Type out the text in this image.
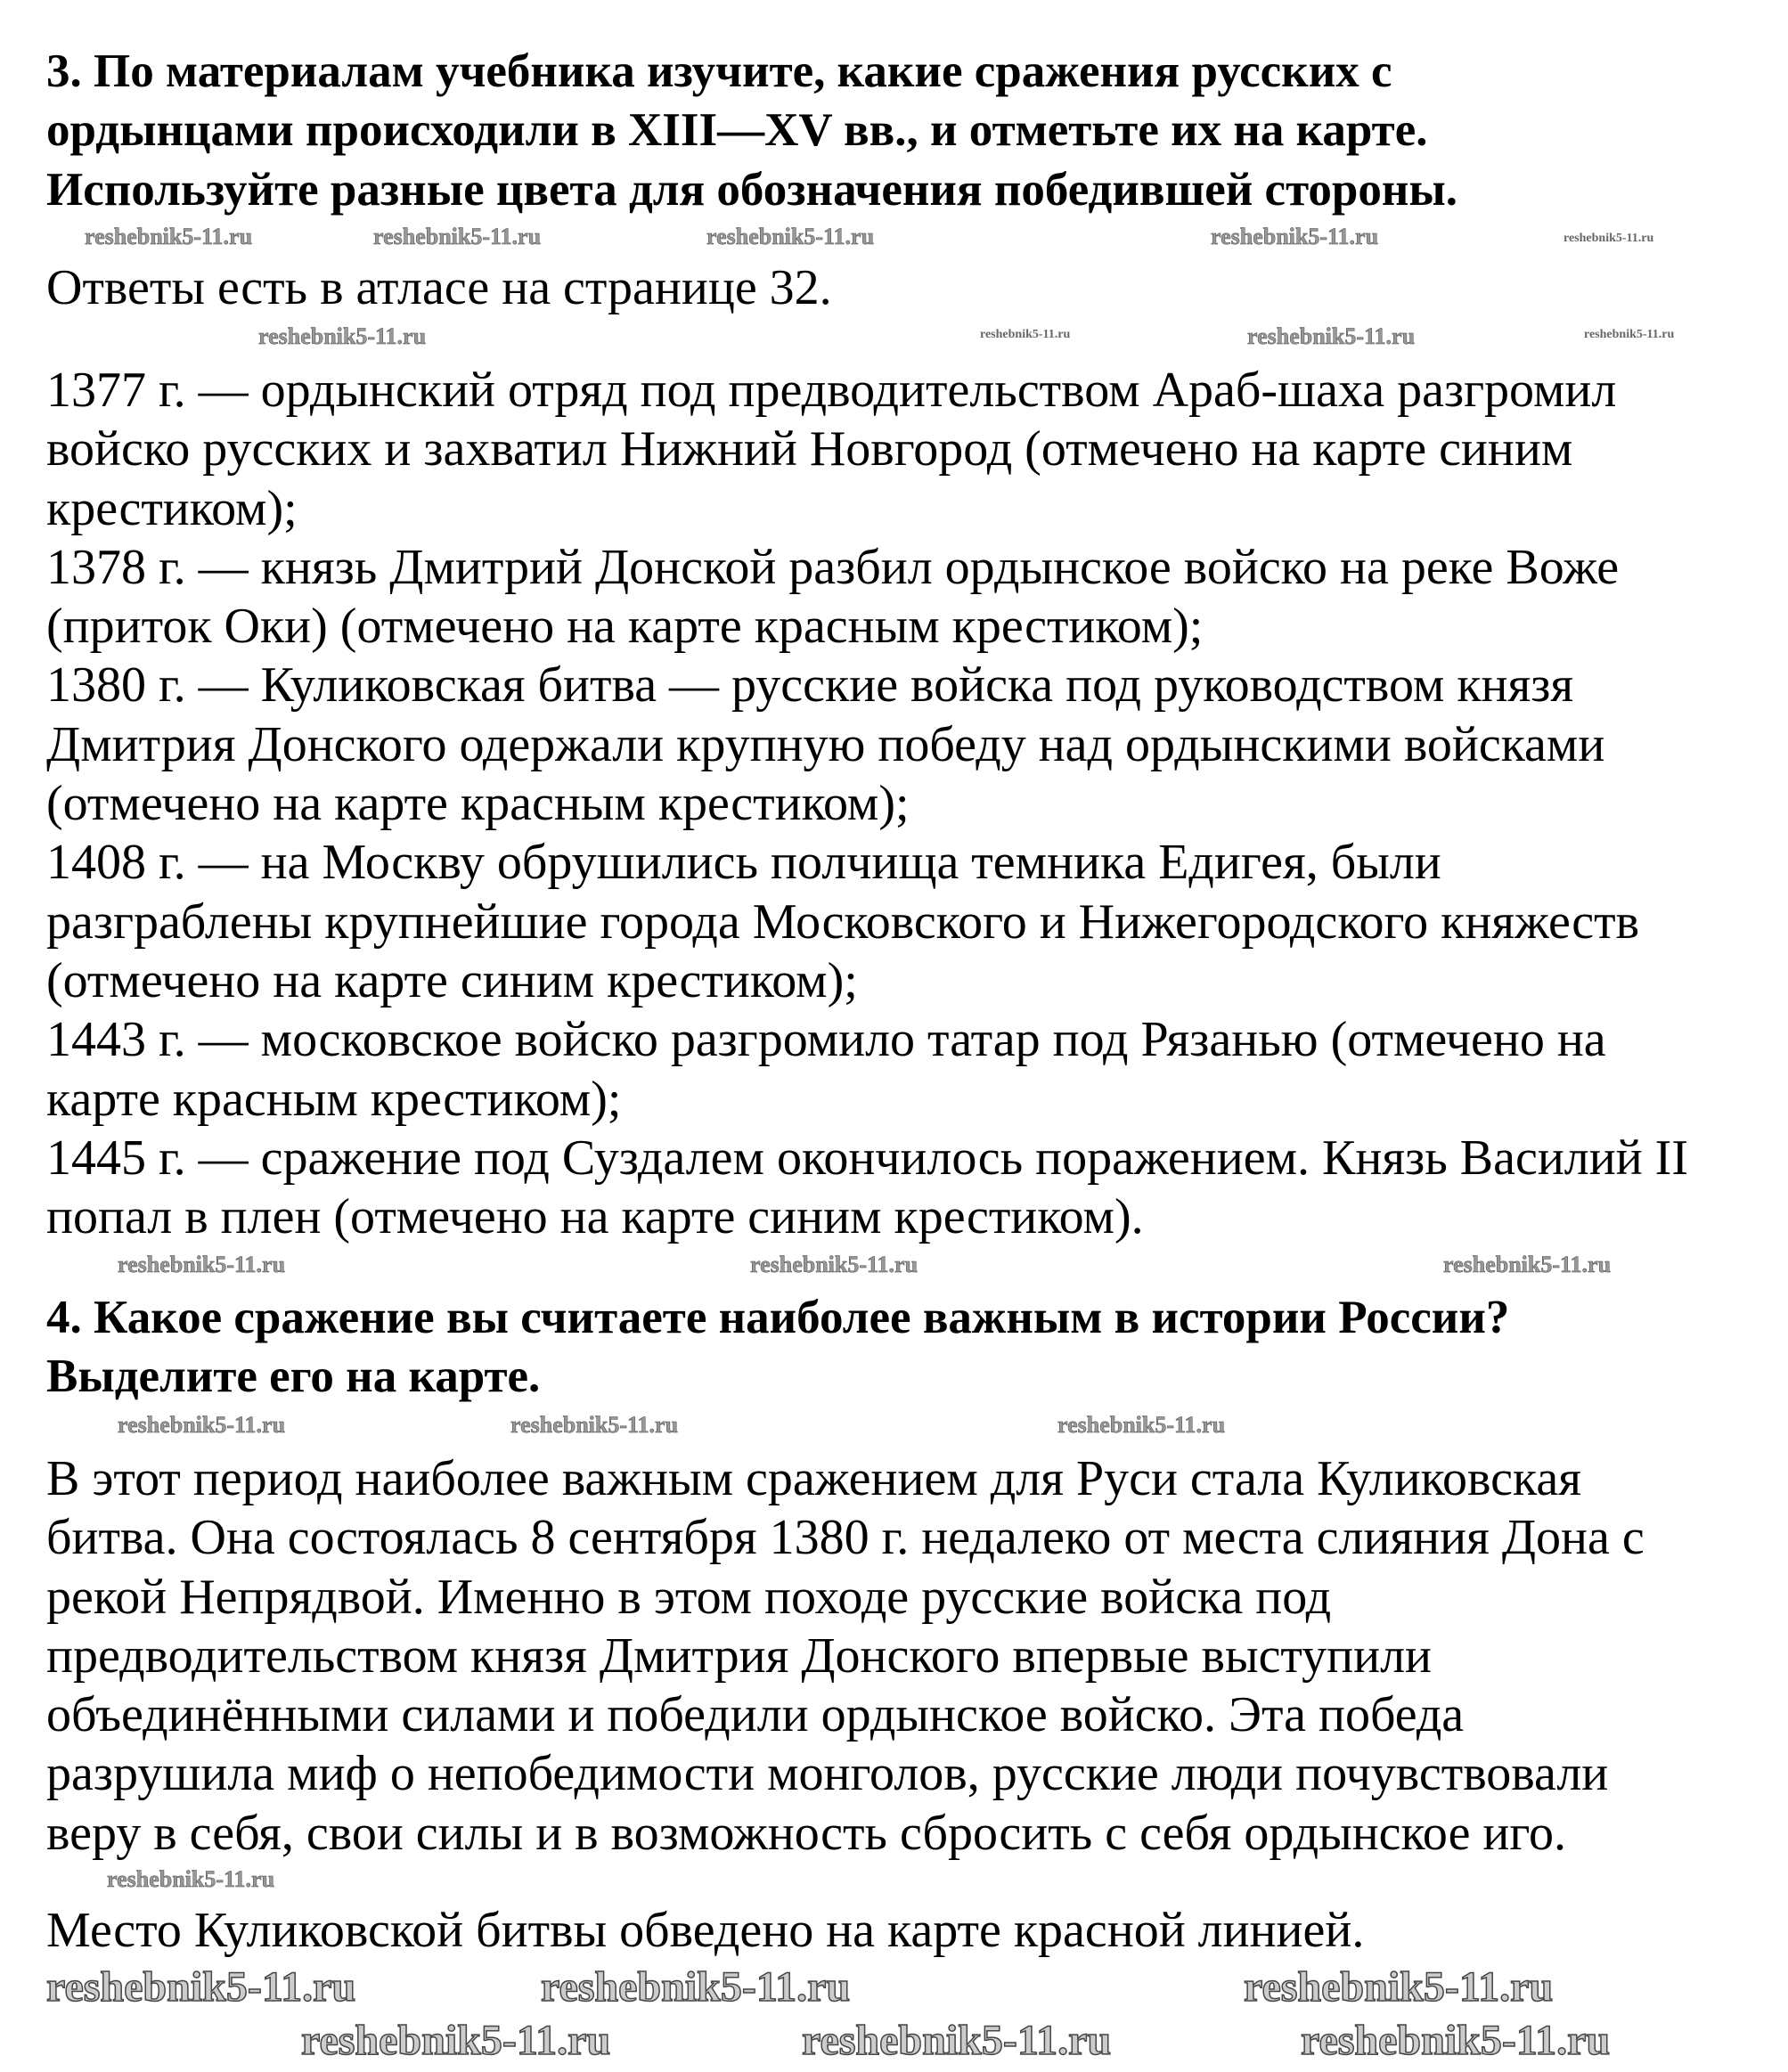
3. По материалам учебника изучите, какие сражения русских с
ордынцами происходили в XIII—XV вв., и отметьте их на карте.
Используйте разные цвета для обозначения победившей стороны.
Ответы есть в атласе на странице 32.
1377 г. — ордынский отряд под предводительством Араб-шаха разгромил
войско русских и захватил Нижний Новгород (отмечено на карте синим
крестиком);
1378 г. — князь Дмитрий Донской разбил ордынское войско на реке Воже
(приток Оки) (отмечено на карте красным крестиком);
1380 г. — Куликовская битва — русские войска под руководством князя
Дмитрия Донского одержали крупную победу над ордынскими войсками
(отмечено на карте красным крестиком);
1408 г. — на Москву обрушились полчища темника Едигея, были
разграблены крупнейшие города Московского и Нижегородского княжеств
(отмечено на карте синим крестиком);
1443 г. — московское войско разгромило татар под Рязанью (отмечено на
карте красным крестиком);
1445 г. — сражение под Суздалем окончилось поражением. Князь Василий II
попал в плен (отмечено на карте синим крестиком).
4. Какое сражение вы считаете наиболее важным в истории России?
Выделите его на карте.
В этот период наиболее важным сражением для Руси стала Куликовская
битва. Она состоялась 8 сентября 1380 г. недалеко от места слияния Дона с
рекой Непрядвой. Именно в этом походе русские войска под
предводительством князя Дмитрия Донского впервые выступили
объединёнными силами и победили ордынское войско. Эта победа
разрушила миф о непобедимости монголов, русские люди почувствовали
веру в себя, свои силы и в возможность сбросить с себя ордынское иго.
Место Куликовской битвы обведено на карте красной линией.
reshebnik5-11.ru	reshebnik5-11.ru	reshebnik5-11.ru	reshebnik5-11.ru	reshebnik5-11.ru
reshebnik5-11.ru	reshebnik5-11.ru
reshebnik5-11.ru	reshebnik5-11.ru
reshebnik5-11.ru	reshebnik5-11.ru	reshebnik5-11.ru
reshebnik5-11.ru	reshebnik5-11.ru	reshebnik5-11.ru
reshebnik5-11.ru
reshebnik5-11.ru	reshebnik5-11.ru	reshebnik5-11.ru
reshebnik5-11.ru	reshebnik5-11.ru	reshebnik5-11.ru
